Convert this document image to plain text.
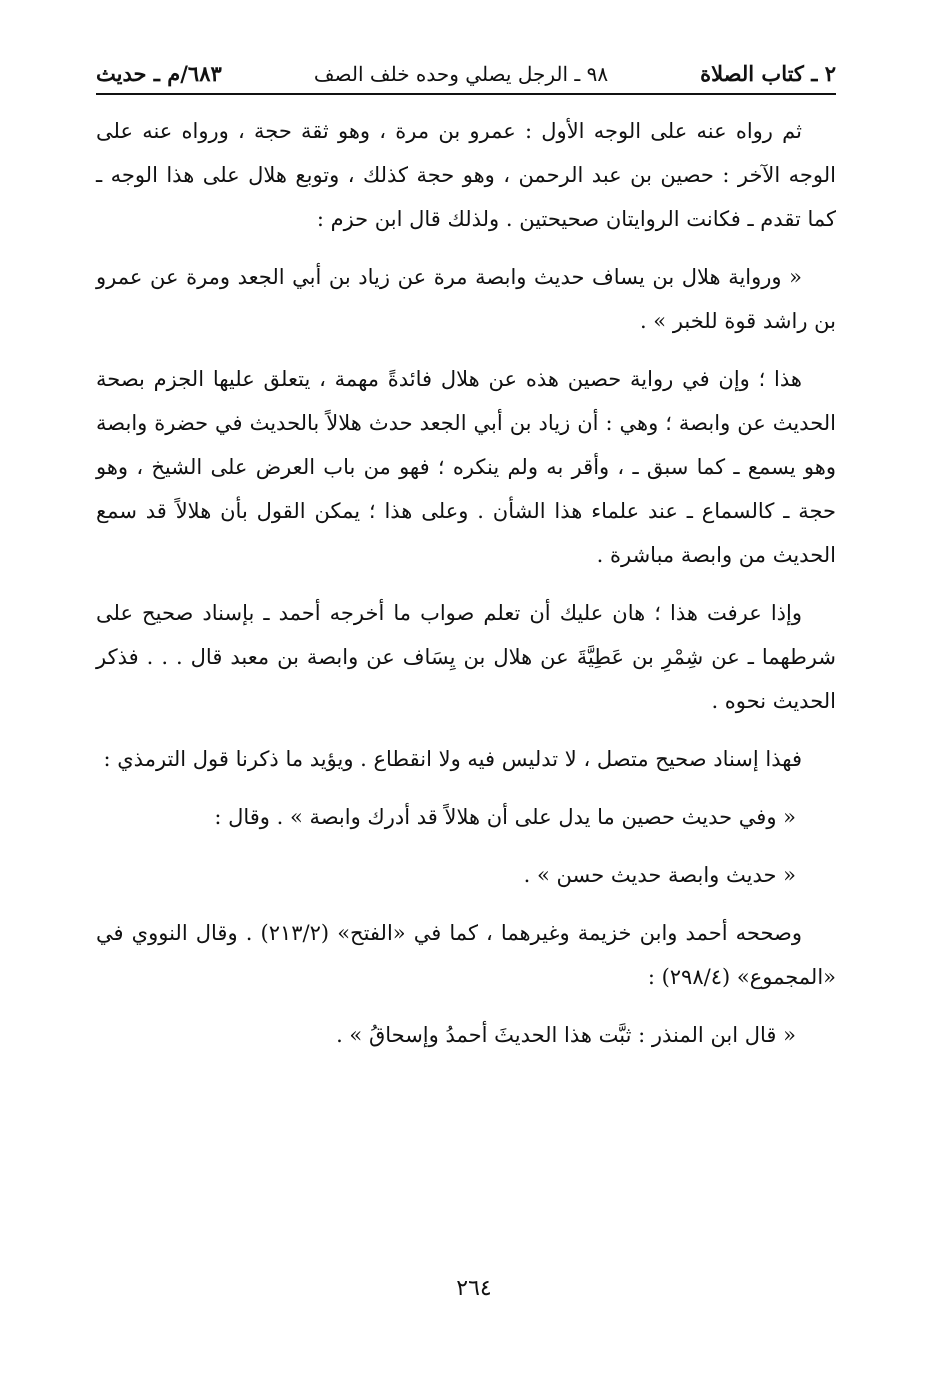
٢ ـ كتاب الصلاة
٩٨ ـ الرجل يصلي وحده خلف الصف
٦٨٣/م ـ حديث

ثم رواه عنه على الوجه الأول : عمرو بن مرة ، وهو ثقة حجة ، ورواه عنه على الوجه الآخر : حصين بن عبد الرحمن ، وهو حجة كذلك ، وتوبع هلال على هذا الوجه ـ كما تقدم ـ فكانت الروايتان صحيحتين . ولذلك قال ابن حزم :

« ورواية هلال بن يساف حديث وابصة مرة عن زياد بن أبي الجعد ومرة عن عمرو بن راشد قوة للخبر » .

هذا ؛ وإن في رواية حصين هذه عن هلال فائدةً مهمة ، يتعلق عليها الجزم بصحة الحديث عن وابصة ؛ وهي : أن زياد بن أبي الجعد حدث هلالاً بالحديث في حضرة وابصة وهو يسمع ـ كما سبق ـ ، وأقر به ولم ينكره ؛ فهو من باب العرض على الشيخ ، وهو حجة ـ كالسماع ـ عند علماء هذا الشأن . وعلى هذا ؛ يمكن القول بأن هلالاً قد سمع الحديث من وابصة مباشرة .

وإذا عرفت هذا ؛ هان عليك أن تعلم صواب ما أخرجه أحمد ـ بإسناد صحيح على شرطهما ـ عن شِمْرِ بن عَطِيَّةَ عن هلال بن يِسَاف عن وابصة بن معبد قال . . . فذكر الحديث نحوه .

فهذا إسناد صحيح متصل ، لا تدليس فيه ولا انقطاع . ويؤيد ما ذكرنا قول الترمذي :

« وفي حديث حصين ما يدل على أن هلالاً قد أدرك وابصة » . وقال :

« حديث وابصة حديث حسن » .

وصححه أحمد وابن خزيمة وغيرهما ، كما في «الفتح» (٢١٣/٢) . وقال النووي في «المجموع» (٢٩٨/٤) :

« قال ابن المنذر : ثبَّت هذا الحديثَ أحمدُ وإسحاقُ » .

٢٦٤
